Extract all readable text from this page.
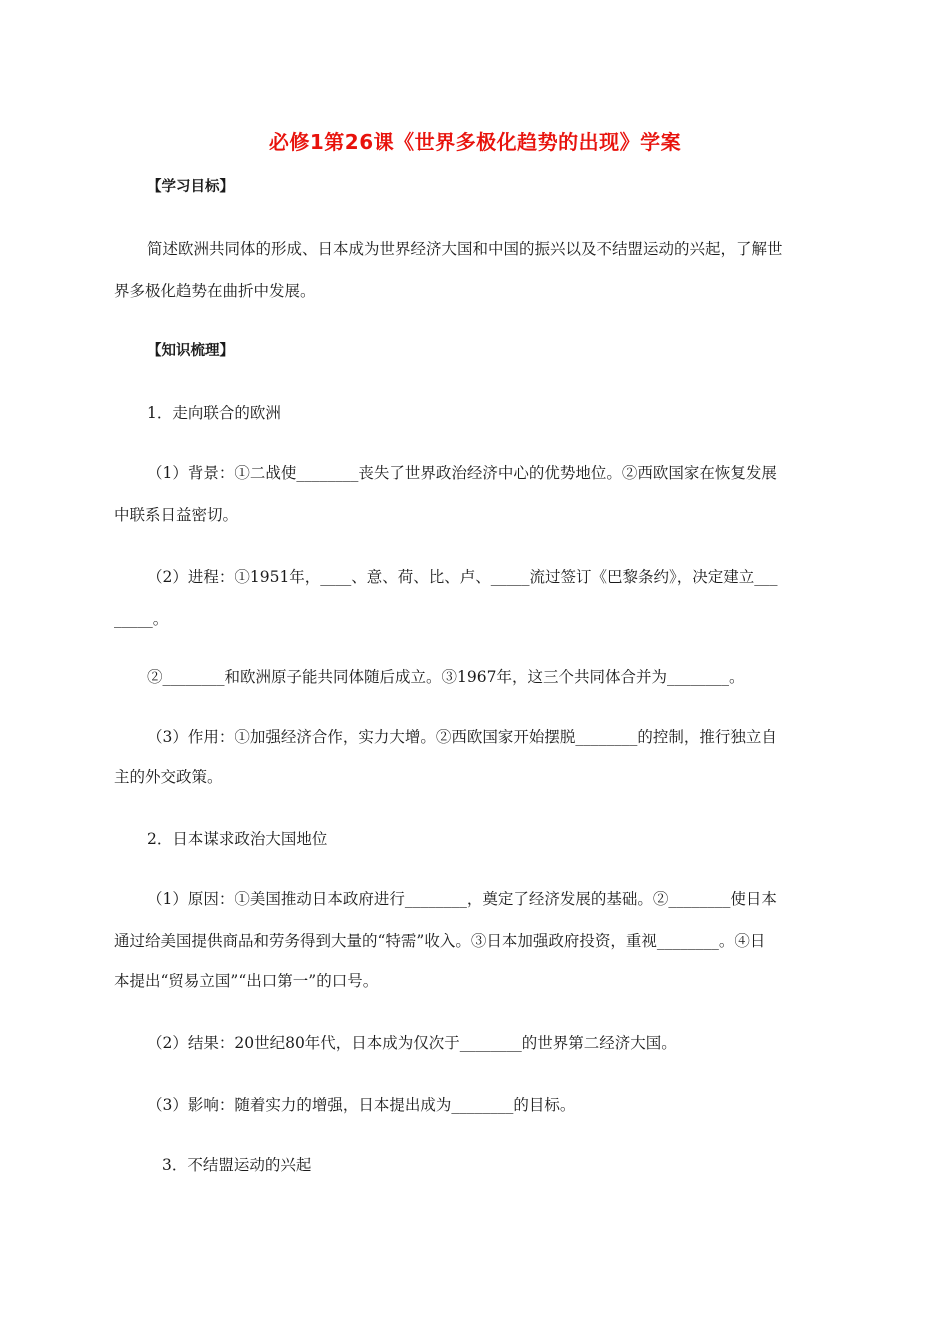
必修1第26课《世界多极化趋势的出现》学案
【学习目标】
简述欧洲共同体的形成、日本成为世界经济大国和中国的振兴以及不结盟运动的兴起，了解世
界多极化趋势在曲折中发展。
【知识梳理】
1．走向联合的欧洲
（1）背景：①二战使________丧失了世界政治经济中心的优势地位。②西欧国家在恢复发展
中联系日益密切。
（2）进程：①1951年，____、意、荷、比、卢、_____流过签订《巴黎条约》，决定建立___
_____。
②________和欧洲原子能共同体随后成立。③1967年，这三个共同体合并为________。
（3）作用：①加强经济合作，实力大增。②西欧国家开始摆脱________的控制，推行独立自
主的外交政策。
2．日本谋求政治大国地位
（1）原因：①美国推动日本政府进行________，奠定了经济发展的基础。②________使日本
通过给美国提供商品和劳务得到大量的“特需”收入。③日本加强政府投资，重视________。④日
本提出“贸易立国”“出口第一”的口号。
（2）结果：20世纪80年代，日本成为仅次于________的世界第二经济大国。
（3）影响：随着实力的增强，日本提出成为________的目标。
3．不结盟运动的兴起
